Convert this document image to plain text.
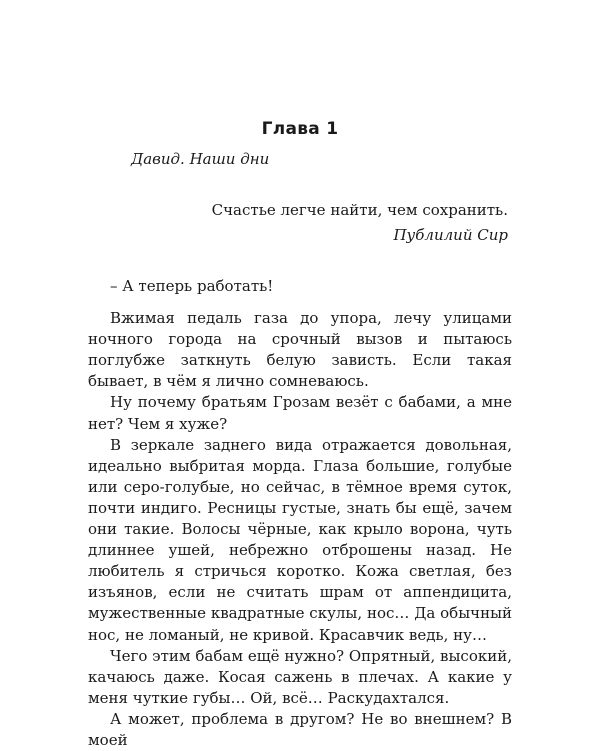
Глава 1

Давид. Наши дни

Счастье легче найти, чем сохранить.

Публилий Сир

– А теперь работать!

Вжимая педаль газа до упора, лечу улицами ночного города на срочный вызов и пытаюсь поглубже заткнуть белую зависть. Если такая бывает, в чём я лично сомневаюсь.

Ну почему братьям Грозам везёт с бабами, а мне нет? Чем я хуже?

В зеркале заднего вида отражается довольная, идеально выбритая морда. Глаза большие, голубые или серо-голубые, но сейчас, в тёмное время суток, почти индиго. Ресницы густые, знать бы ещё, зачем они такие. Волосы чёрные, как крыло ворона, чуть длиннее ушей, небрежно отброшены назад. Не любитель я стричься коротко. Кожа светлая, без изъянов, если не считать шрам от аппендицита, мужественные квадратные скулы, нос… Да обычный нос, не ломаный, не кривой. Красавчик ведь, ну…

Чего этим бабам ещё нужно? Опрятный, высокий, качаюсь даже. Косая сажень в плечах. А какие у меня чуткие губы… Ой, всё… Раскудахтался.

А может, проблема в другом? Не во внешнем? В моей
